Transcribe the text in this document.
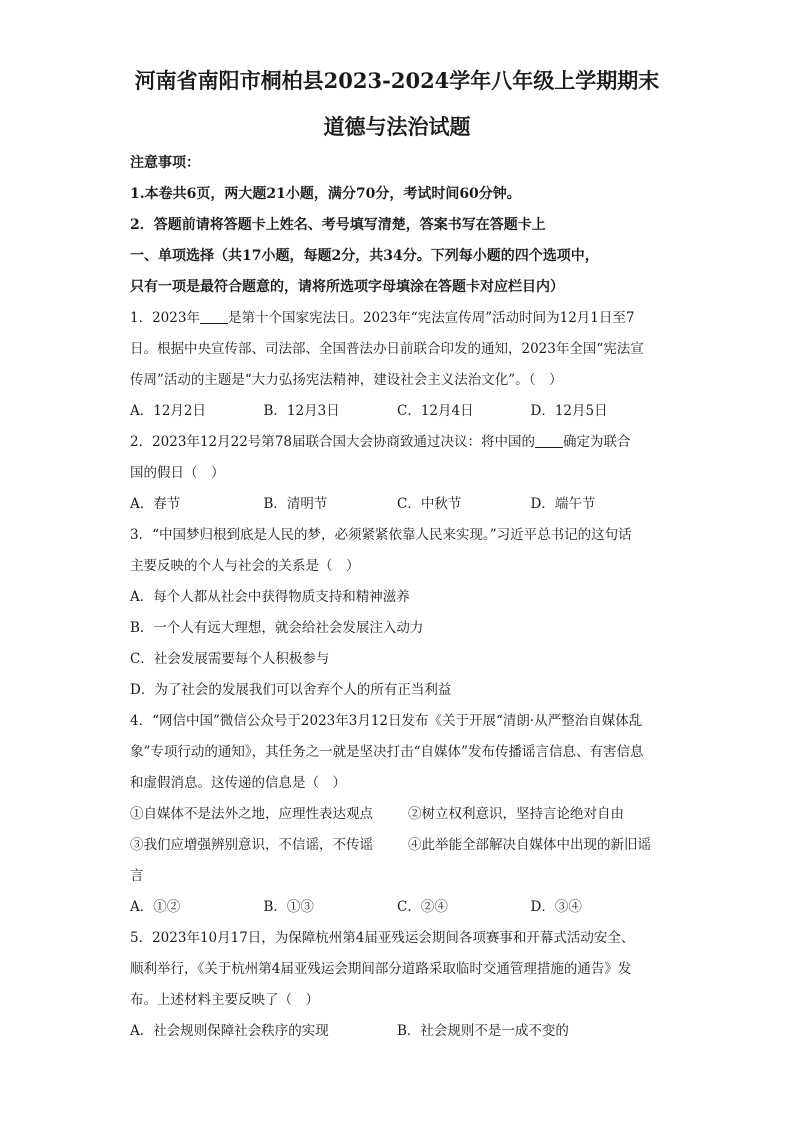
河南省南阳市桐柏县2023-2024学年八年级上学期期末
道德与法治试题

注意事项：

1.本卷共6页，两大题21小题，满分70分，考试时间60分钟。

2．答题前请将答题卡上姓名、考号填写清楚，答案书写在答题卡上

一、单项选择（共17小题，每题2分，共34分。下列每小题的四个选项中，

只有一项是最符合题意的，请将所选项字母填涂在答题卡对应栏目内）

1．2023年 是第十个国家宪法日。2023年“宪法宣传周”活动时间为12月1日至7

日。根据中央宣传部、司法部、全国普法办日前联合印发的通知，2023年全国“宪法宣

传周”活动的主题是“大力弘扬宪法精神，建设社会主义法治文化”。（　）

A．12月2日	B．12月3日	C．12月4日	D．12月5日

2．2023年12月22号第78届联合国大会协商致通过决议：将中国的 确定为联合

国的假日（　）

A．春节	B．清明节	C．中秋节	D．端午节

3．“中国梦归根到底是人民的梦，必须紧紧依靠人民来实现。”习近平总书记的这句话

主要反映的个人与社会的关系是（　）

A．每个人都从社会中获得物质支持和精神滋养

B．一个人有远大理想，就会给社会发展注入动力

C．社会发展需要每个人积极参与

D．为了社会的发展我们可以舍弃个人的所有正当利益

4．“网信中国”微信公众号于2023年3月12日发布《关于开展“清朗·从严整治自媒体乱

象”专项行动的通知》，其任务之一就是坚决打击“自媒体”发布传播谣言信息、有害信息

和虚假消息。这传递的信息是（　）

①自媒体不是法外之地，应理性表达观点	②树立权利意识，坚持言论绝对自由
③我们应增强辨别意识，不信谣，不传谣	④此举能全部解决自媒体中出现的新旧谣

言

A．①②	B．①③	C．②④	D．③④

5．2023年10月17日，为保障杭州第4届亚残运会期间各项赛事和开幕式活动安全、

顺利举行，《关于杭州第4届亚残运会期间部分道路采取临时交通管理措施的通告》发

布。上述材料主要反映了（　）

A．社会规则保障社会秩序的实现	B．社会规则不是一成不变的
